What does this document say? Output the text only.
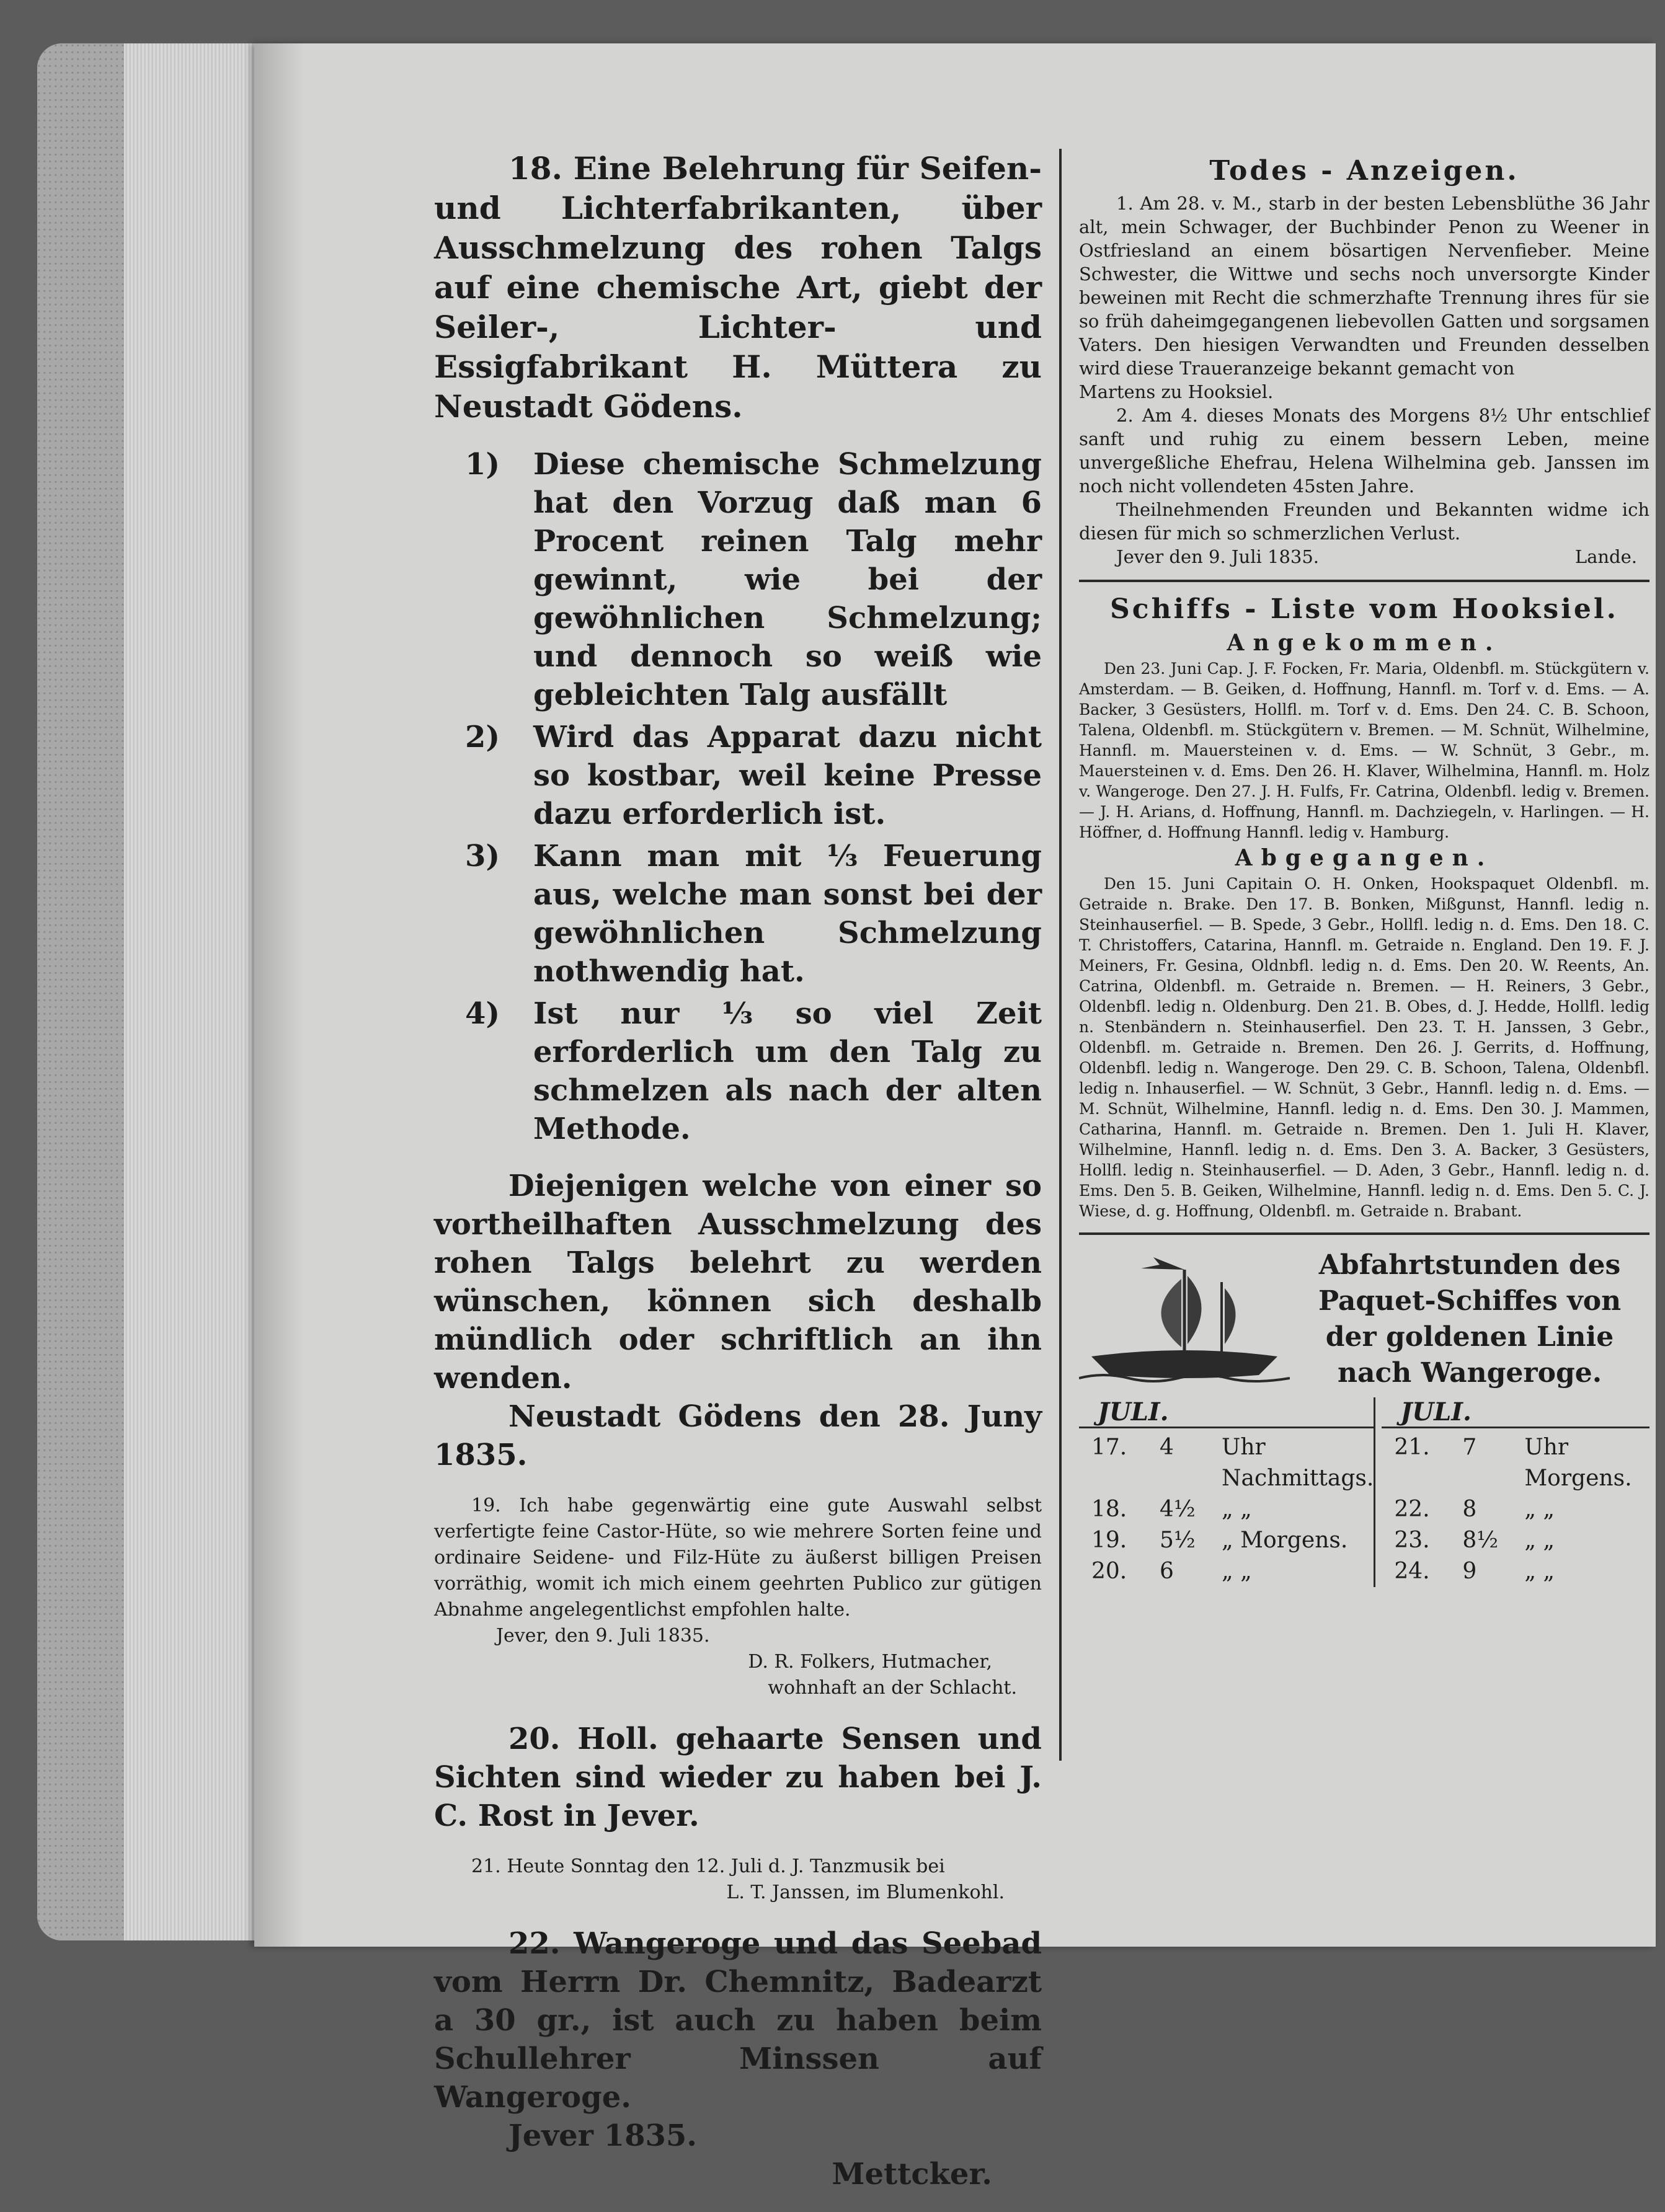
18. Eine Belehrung für Seifen- und Lichterfabrikanten, über Ausschmelzung des rohen Talgs auf eine chemische Art, giebt der Seiler-, Lichter- und Essigfabrikant H. Müttera zu Neustadt Gödens.
1)	Diese chemische Schmelzung hat den Vorzug daß man 6 Procent reinen Talg mehr gewinnt, wie bei der gewöhnlichen Schmelzung; und dennoch so weiß wie gebleichten Talg ausfällt
2)	Wird das Apparat dazu nicht so kostbar, weil keine Presse dazu erforderlich ist.
3)	Kann man mit ⅓ Feuerung aus, welche man sonst bei der gewöhnlichen Schmelzung nothwendig hat.
4)	Ist nur ⅓ so viel Zeit erforderlich um den Talg zu schmelzen als nach der alten Methode.
Diejenigen welche von einer so vortheilhaften Ausschmelzung des rohen Talgs belehrt zu werden wünschen, können sich deshalb mündlich oder schriftlich an ihn wenden.
Neustadt Gödens den 28. Juny 1835.
19. Ich habe gegenwärtig eine gute Auswahl selbst verfertigte feine Castor-Hüte, so wie mehrere Sorten feine und ordinaire Seidene- und Filz-Hüte zu äußerst billigen Preisen vorräthig, womit ich mich einem geehrten Publico zur gütigen Abnahme angelegentlichst empfohlen halte.
Jever, den 9. Juli 1835.
D. R. Folkers, Hutmacher,
wohnhaft an der Schlacht.
20. Holl. gehaarte Sensen und Sichten sind wieder zu haben bei J. C. Rost in Jever.
21. Heute Sonntag den 12. Juli d. J. Tanzmusik bei
L. T. Janssen, im Blumenkohl.
22. Wangeroge und das Seebad vom Herrn Dr. Chemnitz, Badearzt a 30 gr., ist auch zu haben beim Schullehrer Minssen auf Wangeroge.
Jever 1835.
Mettcker.
Todes - Anzeigen.
1. Am 28. v. M., starb in der besten Lebensblüthe 36 Jahr alt, mein Schwager, der Buchbinder Penon zu Weener in Ostfriesland an einem bösartigen Nervenfieber. Meine Schwester, die Wittwe und sechs noch unversorgte Kinder beweinen mit Recht die schmerzhafte Trennung ihres für sie so früh daheimgegangenen liebevollen Gatten und sorgsamen Vaters. Den hiesigen Verwandten und Freunden desselben wird diese Traueranzeige bekannt gemacht von
Martens zu Hooksiel.
2. Am 4. dieses Monats des Morgens 8½ Uhr entschlief sanft und ruhig zu einem bessern Leben, meine unvergeßliche Ehefrau, Helena Wilhelmina geb. Janssen im noch nicht vollendeten 45sten Jahre.
Theilnehmenden Freunden und Bekannten widme ich diesen für mich so schmerzlichen Verlust.
Jever den 9. Juli 1835.	Lande.
Schiffs - Liste vom Hooksiel.
Angekommen.
Den 23. Juni Cap. J. F. Focken, Fr. Maria, Oldenbfl. m. Stückgütern v. Amsterdam. — B. Geiken, d. Hoffnung, Hannfl. m. Torf v. d. Ems. — A. Backer, 3 Gesüsters, Hollfl. m. Torf v. d. Ems. Den 24. C. B. Schoon, Talena, Oldenbfl. m. Stückgütern v. Bremen. — M. Schnüt, Wilhelmine, Hannfl. m. Mauersteinen v. d. Ems. — W. Schnüt, 3 Gebr., m. Mauersteinen v. d. Ems. Den 26. H. Klaver, Wilhelmina, Hannfl. m. Holz v. Wangeroge. Den 27. J. H. Fulfs, Fr. Catrina, Oldenbfl. ledig v. Bremen. — J. H. Arians, d. Hoffnung, Hannfl. m. Dachziegeln, v. Harlingen. — H. Höffner, d. Hoffnung Hannfl. ledig v. Hamburg.
Abgegangen.
Den 15. Juni Capitain O. H. Onken, Hookspaquet Oldenbfl. m. Getraide n. Brake. Den 17. B. Bonken, Mißgunst, Hannfl. ledig n. Steinhauserfiel. — B. Spede, 3 Gebr., Hollfl. ledig n. d. Ems. Den 18. C. T. Christoffers, Catarina, Hannfl. m. Getraide n. England. Den 19. F. J. Meiners, Fr. Gesina, Oldnbfl. ledig n. d. Ems. Den 20. W. Reents, An. Catrina, Oldenbfl. m. Getraide n. Bremen. — H. Reiners, 3 Gebr., Oldenbfl. ledig n. Oldenburg. Den 21. B. Obes, d. J. Hedde, Hollfl. ledig n. Stenbändern n. Steinhauserfiel. Den 23. T. H. Janssen, 3 Gebr., Oldenbfl. m. Getraide n. Bremen. Den 26. J. Gerrits, d. Hoffnung, Oldenbfl. ledig n. Wangeroge. Den 29. C. B. Schoon, Talena, Oldenbfl. ledig n. Inhauserfiel. — W. Schnüt, 3 Gebr., Hannfl. ledig n. d. Ems. — M. Schnüt, Wilhelmine, Hannfl. ledig n. d. Ems. Den 30. J. Mammen, Catharina, Hannfl. m. Getraide n. Bremen. Den 1. Juli H. Klaver, Wilhelmine, Hannfl. ledig n. d. Ems. Den 3. A. Backer, 3 Gesüsters, Hollfl. ledig n. Steinhauserfiel. — D. Aden, 3 Gebr., Hannfl. ledig n. d. Ems. Den 5. B. Geiken, Wilhelmine, Hannfl. ledig n. d. Ems. Den 5. C. J. Wiese, d. g. Hoffnung, Oldenbfl. m. Getraide n. Brabant.
Abfahrtstunden des Paquet-Schiffes von der goldenen Linie nach Wangeroge.
JULI.
17.	4	Uhr Nachmittags.
18.	4½	„ „
19.	5½	„ Morgens.
20.	6	„ „
JULI.
21.	7	Uhr Morgens.
22.	8	„ „
23.	8½	„ „
24.	9	„ „
